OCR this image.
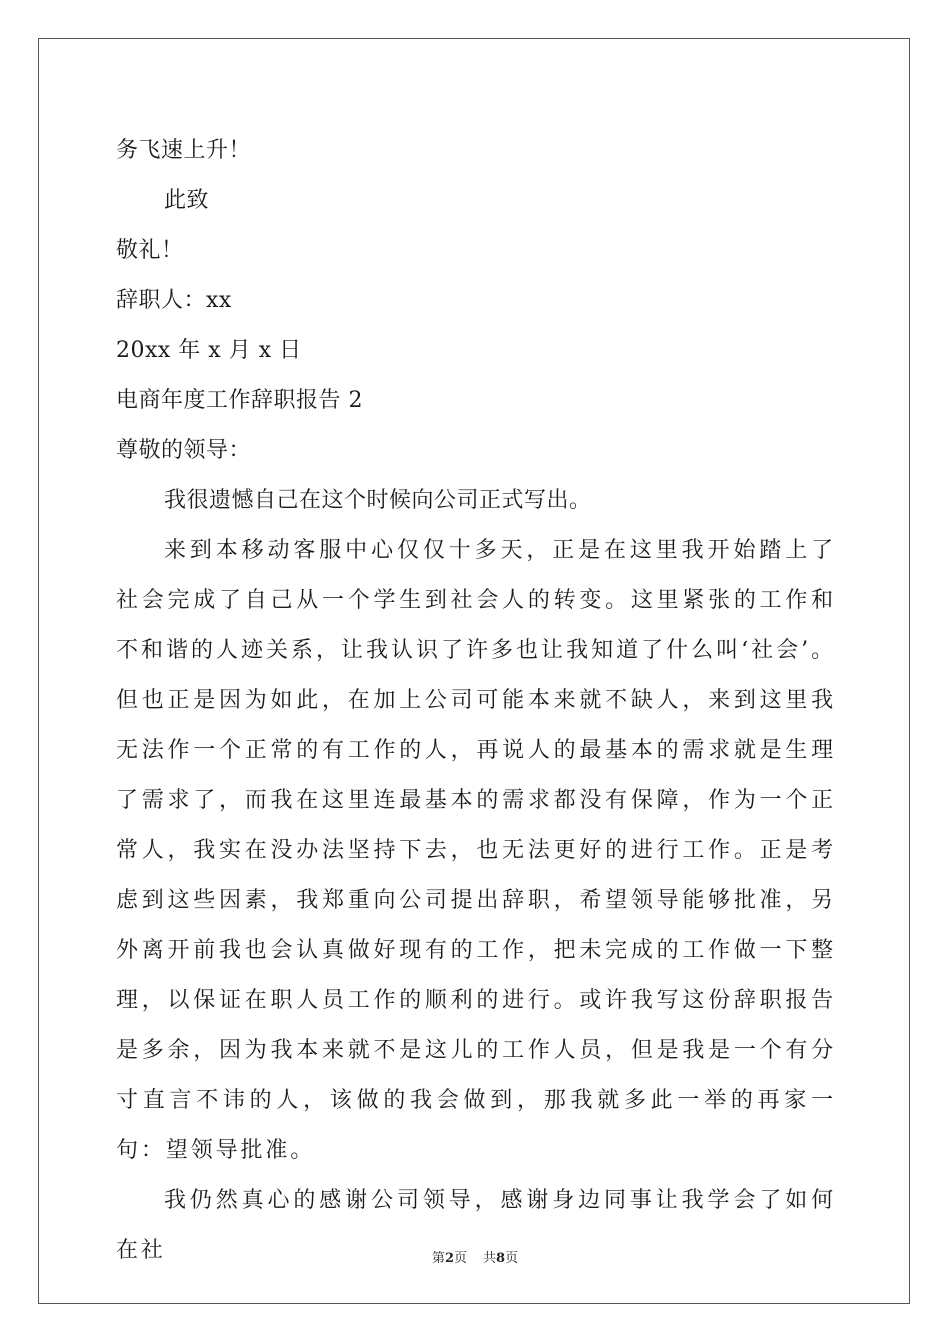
务飞速上升！
此致
敬礼！
辞职人：xx
20xx 年 x 月 x 日
电商年度工作辞职报告 2
尊敬的领导：
我很遗憾自己在这个时候向公司正式写出。

来到本移动客服中心仅仅十多天，正是在这里我开始踏上了社会完成了自己从一个学生到社会人的转变。这里紧张的工作和不和谐的人迹关系，让我认识了许多也让我知道了什么叫‘社会’。但也正是因为如此，在加上公司可能本来就不缺人，来到这里我无法作一个正常的有工作的人，再说人的最基本的需求就是生理了需求了，而我在这里连最基本的需求都没有保障，作为一个正常人，我实在没办法坚持下去，也无法更好的进行工作。正是考虑到这些因素，我郑重向公司提出辞职，希望领导能够批准，另外离开前我也会认真做好现有的工作，把未完成的工作做一下整理，以保证在职人员工作的顺利的进行。或许我写这份辞职报告是多余，因为我本来就不是这儿的工作人员，但是我是一个有分寸直言不讳的人，该做的我会做到，那我就多此一举的再家一句：望领导批准。

我仍然真心的感谢公司领导，感谢身边同事让我学会了如何在社	第2页 共8页
